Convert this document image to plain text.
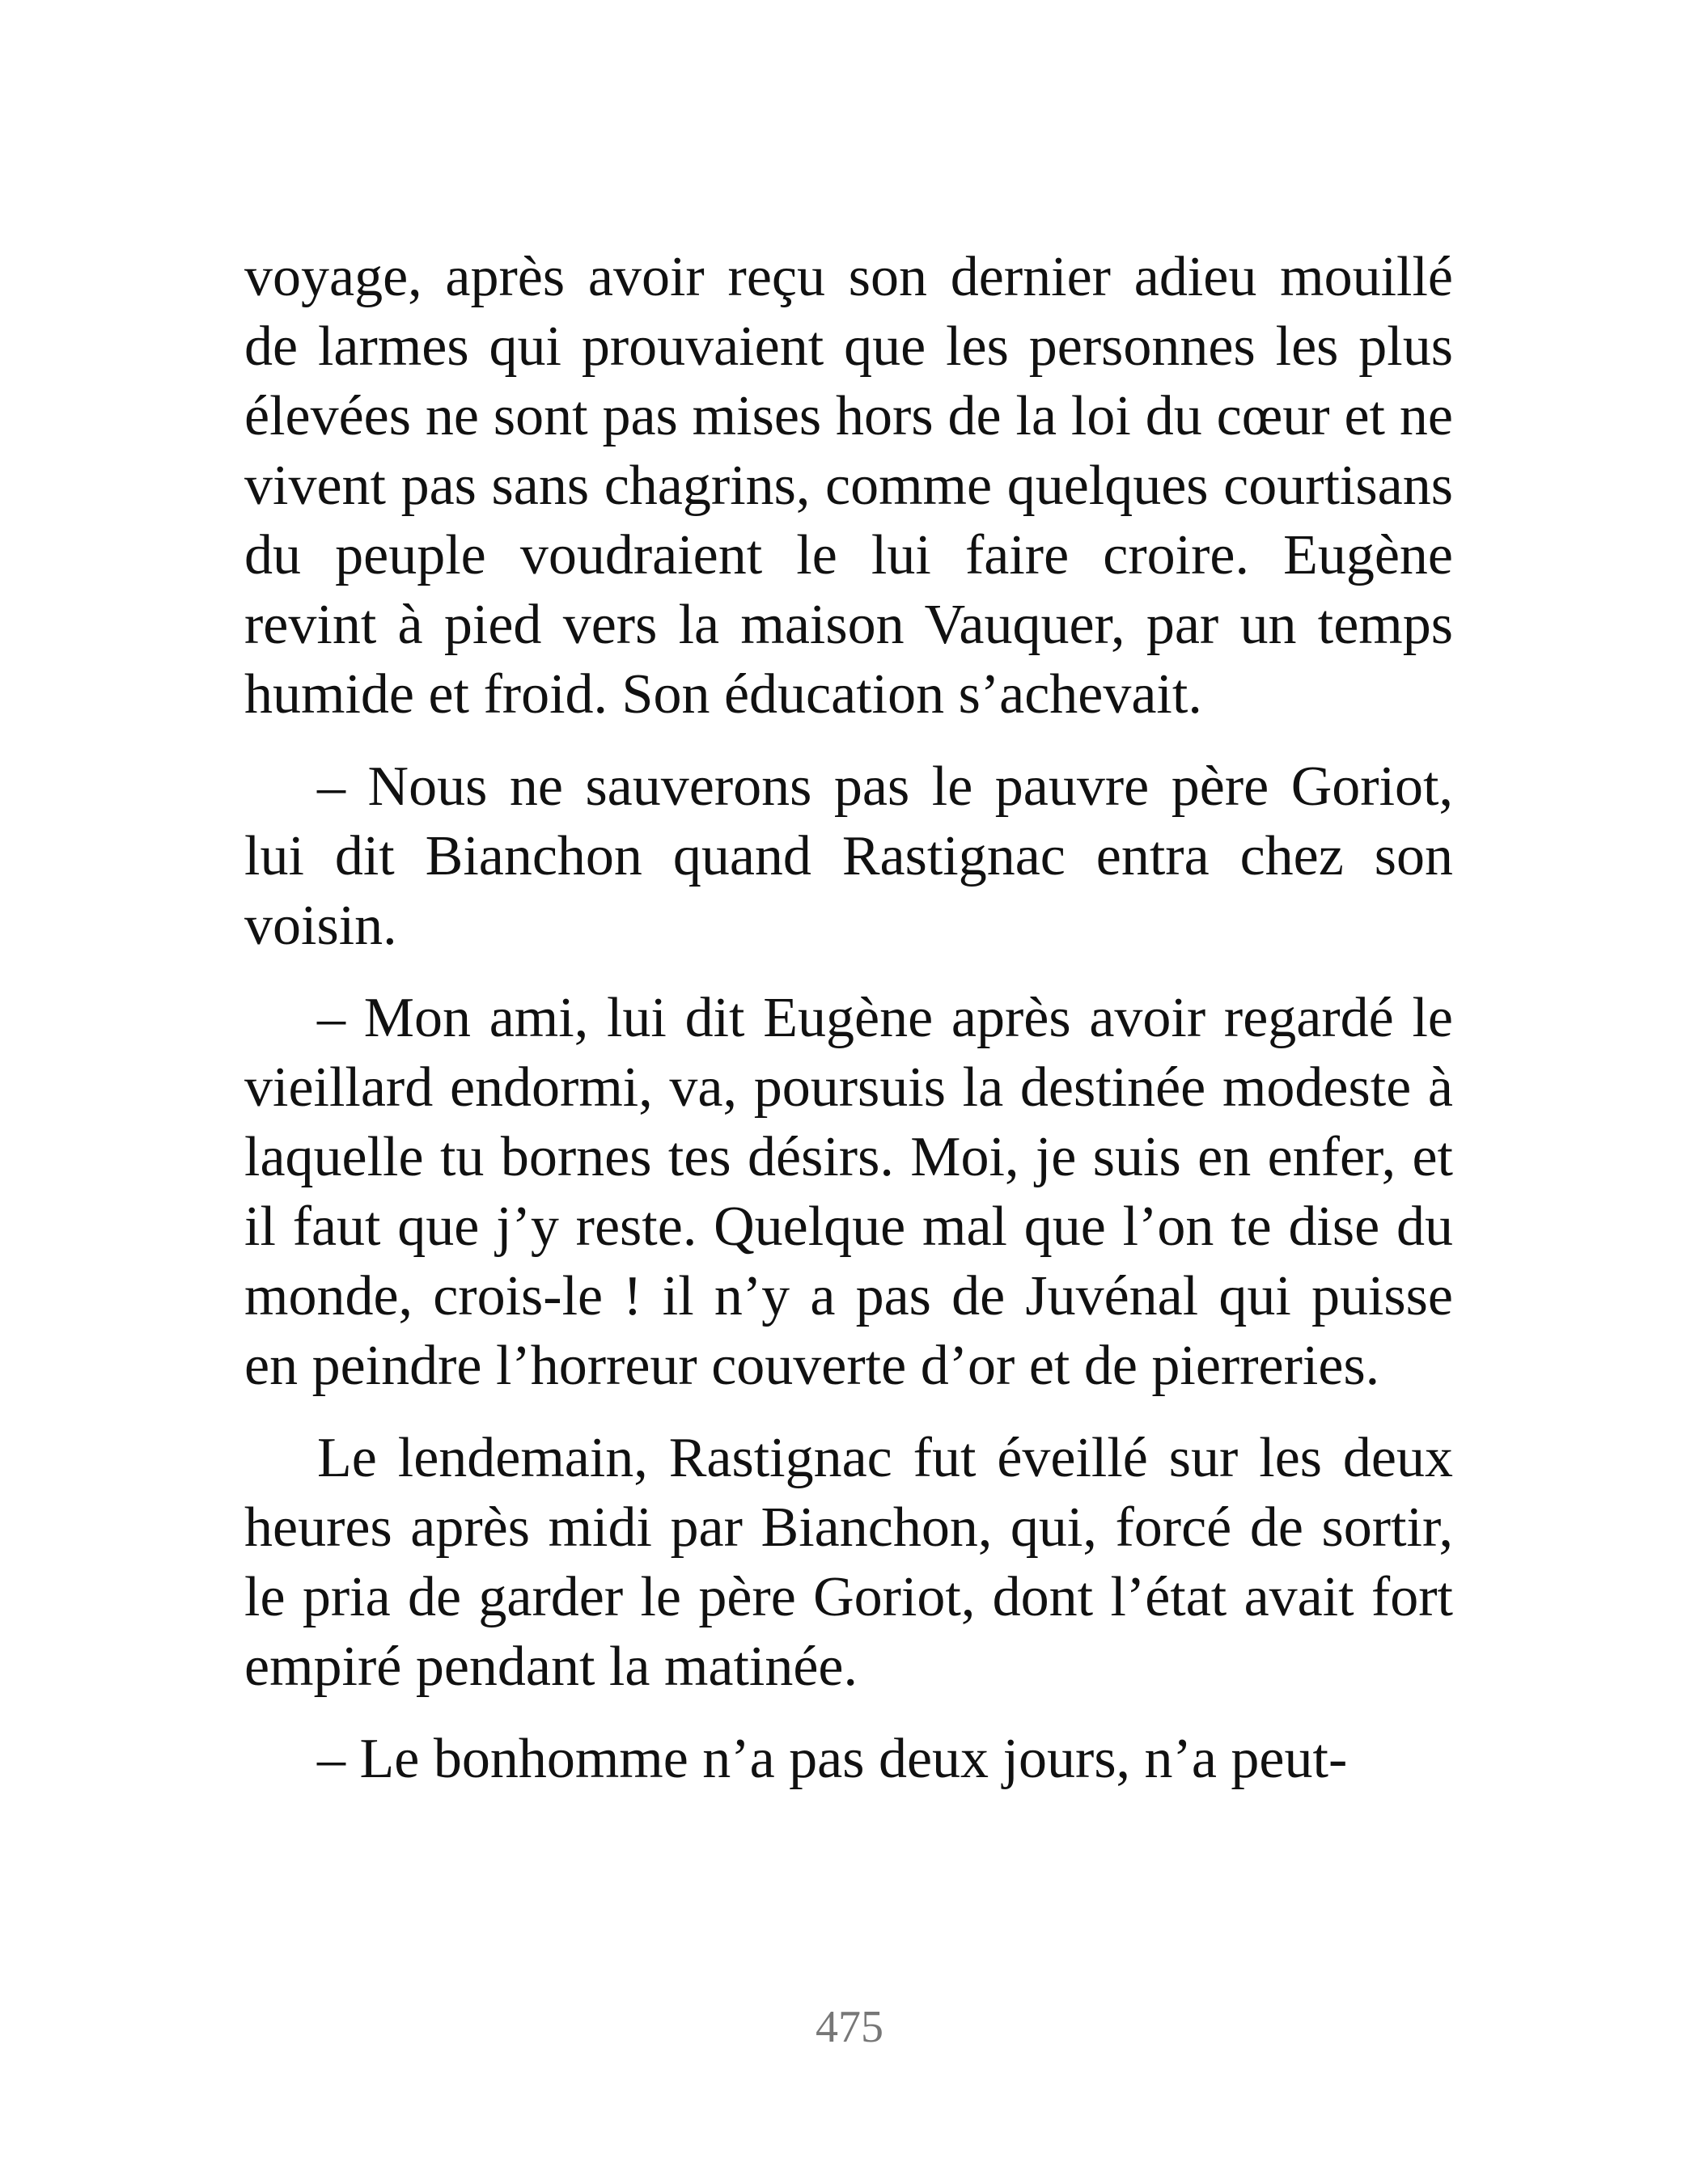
voyage, après avoir reçu son dernier adieu mouillé de larmes qui prouvaient que les personnes les plus élevées ne sont pas mises hors de la loi du cœur et ne vivent pas sans chagrins, comme quelques courtisans du peuple voudraient le lui faire croire. Eugène revint à pied vers la maison Vauquer, par un temps humide et froid. Son éducation s’achevait.

– Nous ne sauverons pas le pauvre père Goriot, lui dit Bianchon quand Rastignac entra chez son voisin.

– Mon ami, lui dit Eugène après avoir regardé le vieillard endormi, va, poursuis la destinée modeste à laquelle tu bornes tes désirs. Moi, je suis en enfer, et il faut que j’y reste. Quelque mal que l’on te dise du monde, crois-le ! il n’y a pas de Juvénal qui puisse en peindre l’horreur couverte d’or et de pierreries.

Le lendemain, Rastignac fut éveillé sur les deux heures après midi par Bianchon, qui, forcé de sortir, le pria de garder le père Goriot, dont l’état avait fort empiré pendant la matinée.

– Le bonhomme n’a pas deux jours, n’a peut-

475
